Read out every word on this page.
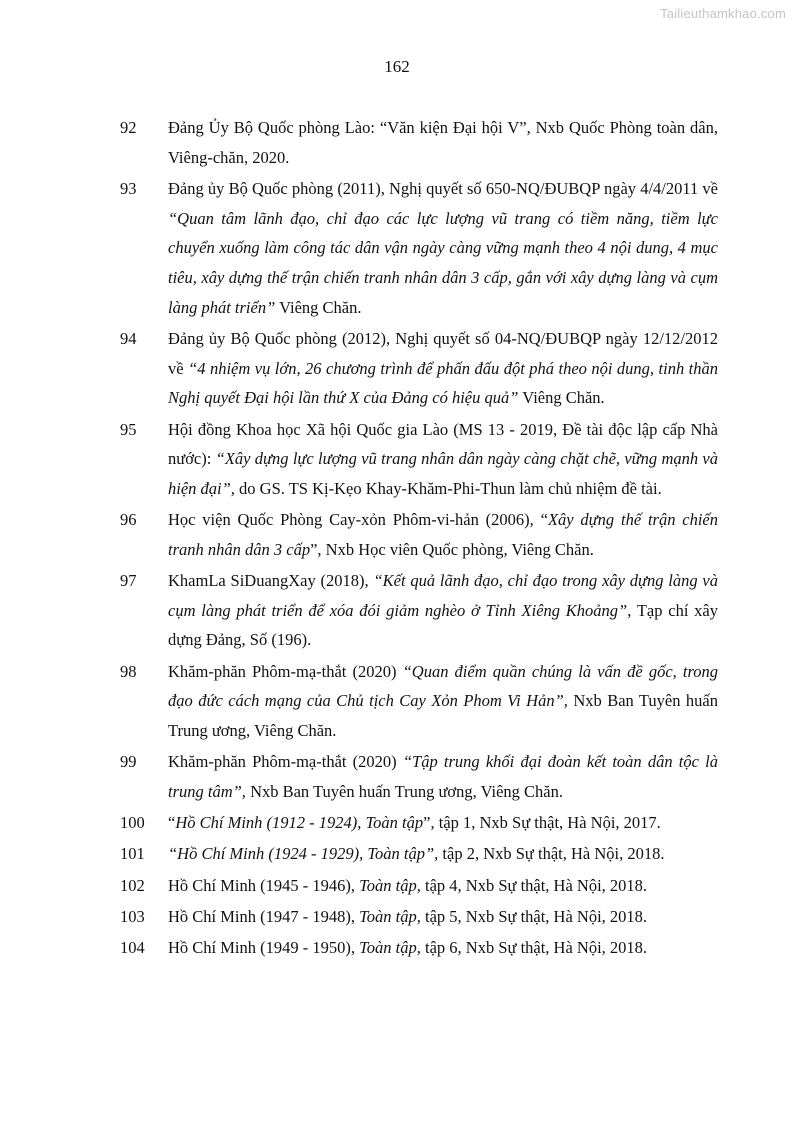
Tailieuthamkhao.com
162
92	Đảng Ủy Bộ Quốc phòng Lào: “Văn kiện Đại hội V”, Nxb Quốc Phòng toàn dân, Viêng-chăn, 2020.
93	Đảng ủy Bộ Quốc phòng (2011), Nghị quyết số 650-NQ/ĐUBQP ngày 4/4/2011 về “Quan tâm lãnh đạo, chỉ đạo các lực lượng vũ trang có tiềm năng, tiềm lực chuyển xuống làm công tác dân vận ngày càng vững mạnh theo 4 nội dung, 4 mục tiêu, xây dựng thế trận chiến tranh nhân dân 3 cấp, gắn với xây dựng làng và cụm làng phát triển” Viêng Chăn.
94	Đảng ủy Bộ Quốc phòng (2012), Nghị quyết số 04-NQ/ĐUBQP ngày 12/12/2012 về “4 nhiệm vụ lớn, 26 chương trình để phấn đấu đột phá theo nội dung, tinh thần Nghị quyết Đại hội lần thứ X của Đảng có hiệu quả” Viêng Chăn.
95	Hội đồng Khoa học Xã hội Quốc gia Lào (MS 13 - 2019, Đề tài độc lập cấp Nhà nước): “Xây dựng lực lượng vũ trang nhân dân ngày càng chặt chẽ, vững mạnh và hiện đại”, do GS. TS Kị-Kẹo Khay-Khăm-Phi-Thun làm chủ nhiệm đề tài.
96	Học viện Quốc Phòng Cay-xỏn Phôm-vi-hản (2006), “Xây dựng thế trận chiến tranh nhân dân 3 cấp”, Nxb Học viên Quốc phòng, Viêng Chăn.
97	KhamLa SiDuangXay (2018), “Kết quả lãnh đạo, chỉ đạo trong xây dựng làng và cụm làng phát triển để xóa đói giảm nghèo ở Tỉnh Xiêng Khoảng”, Tạp chí xây dựng Đảng, Số (196).
98	Khăm-phăn Phôm-mạ-thắt (2020) “Quan điểm quần chúng là vấn đề gốc, trong đạo đức cách mạng của Chủ tịch Cay Xỏn Phom Vi Hản”, Nxb Ban Tuyên huấn Trung ương, Viêng Chăn.
99	Khăm-phăn Phôm-mạ-thắt (2020) “Tập trung khối đại đoàn kết toàn dân tộc là trung tâm”, Nxb Ban Tuyên huấn Trung ương, Viêng Chăn.
100	“Hồ Chí Minh (1912 - 1924), Toàn tập”, tập 1, Nxb Sự thật, Hà Nội, 2017.
101	“Hồ Chí Minh (1924 - 1929), Toàn tập”, tập 2, Nxb Sự thật, Hà Nội, 2018.
102	Hồ Chí Minh (1945 - 1946), Toàn tập, tập 4, Nxb Sự thật, Hà Nội, 2018.
103	Hồ Chí Minh (1947 - 1948), Toàn tập, tập 5, Nxb Sự thật, Hà Nội, 2018.
104	Hồ Chí Minh (1949 - 1950), Toàn tập, tập 6, Nxb Sự thật, Hà Nội, 2018.
